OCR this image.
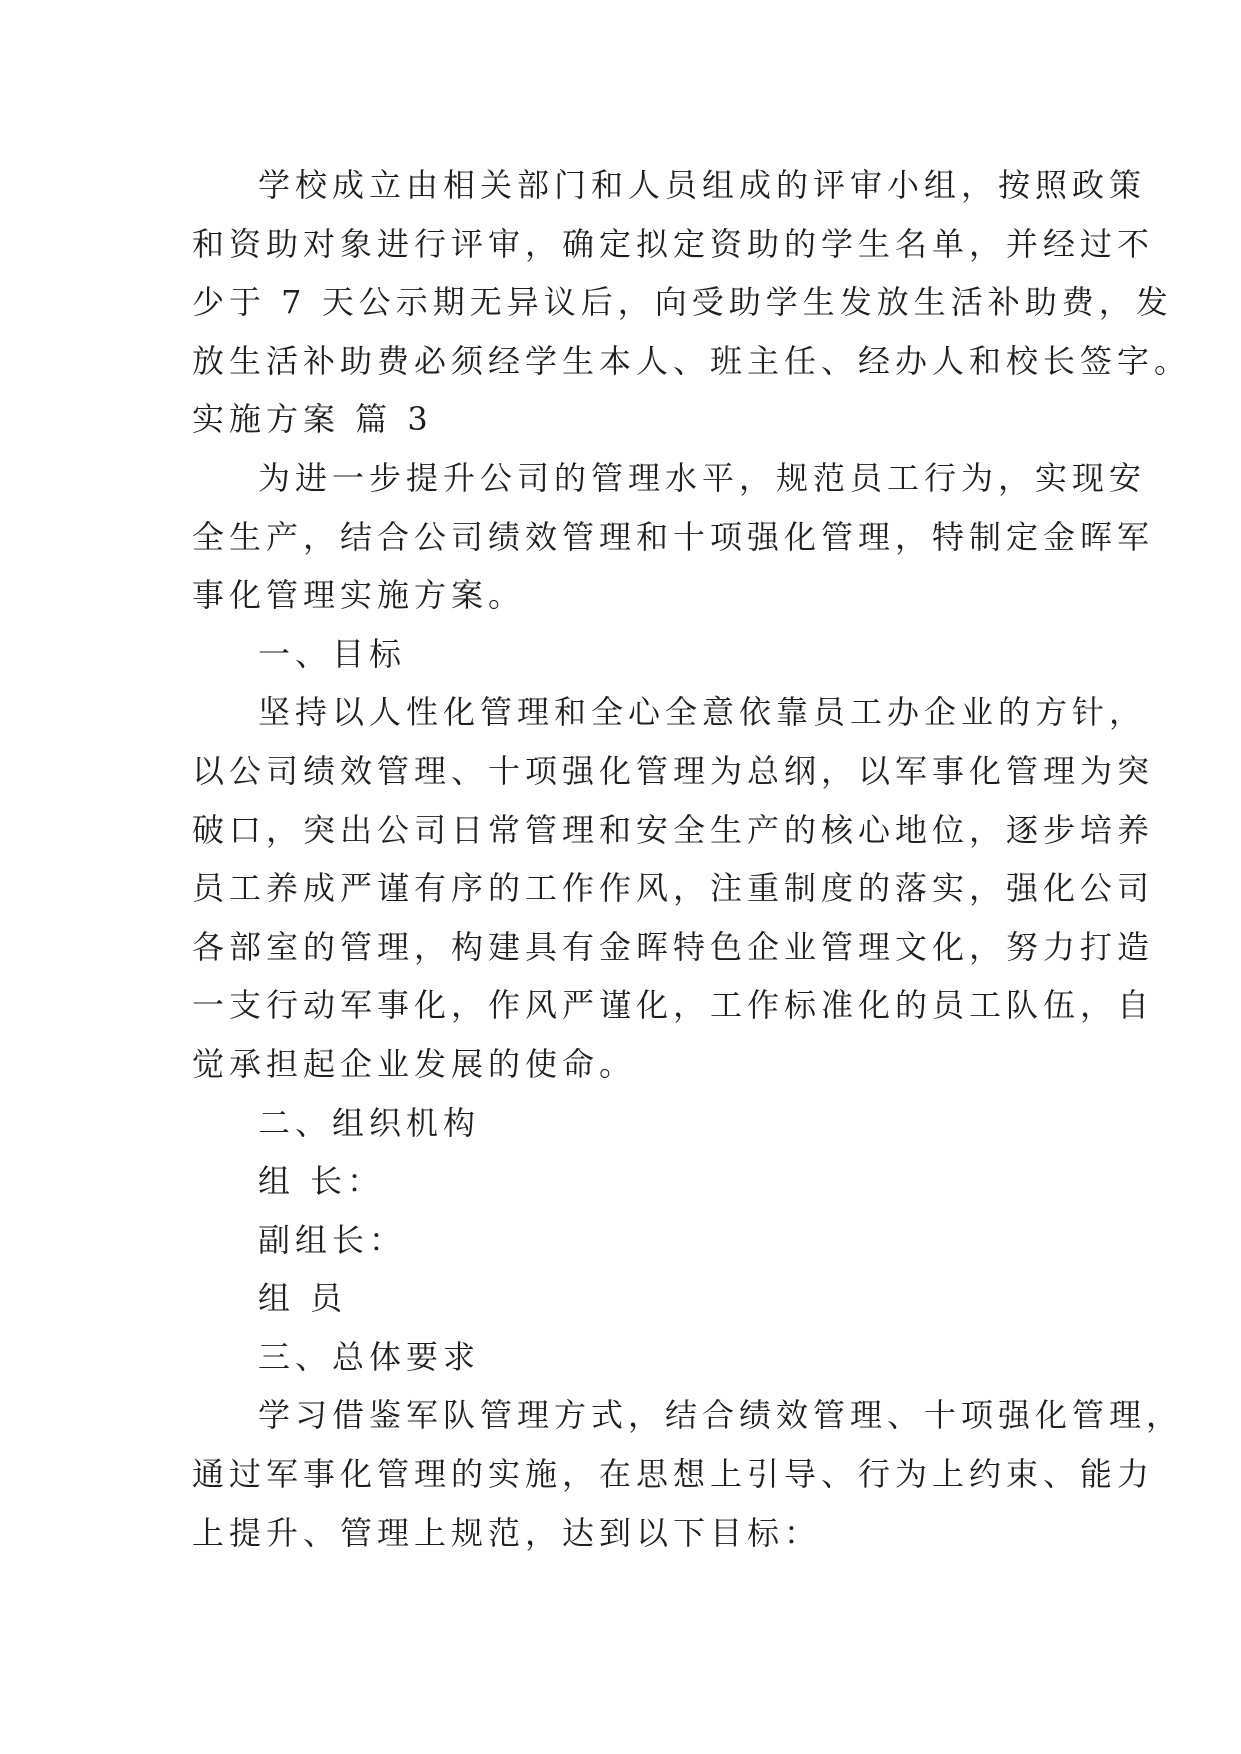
学校成立由相关部门和人员组成的评审小组，按照政策
和资助对象进行评审，确定拟定资助的学生名单，并经过不
少于 7 天公示期无异议后，向受助学生发放生活补助费，发
放生活补助费必须经学生本人、班主任、经办人和校长签字。
实施方案 篇 3
为进一步提升公司的管理水平，规范员工行为，实现安
全生产，结合公司绩效管理和十项强化管理，特制定金晖军
事化管理实施方案。
一、目标
坚持以人性化管理和全心全意依靠员工办企业的方针，
以公司绩效管理、十项强化管理为总纲，以军事化管理为突
破口，突出公司日常管理和安全生产的核心地位，逐步培养
员工养成严谨有序的工作作风，注重制度的落实，强化公司
各部室的管理，构建具有金晖特色企业管理文化，努力打造
一支行动军事化，作风严谨化，工作标准化的员工队伍，自
觉承担起企业发展的使命。
二、组织机构
组 长：
副组长：
组 员
三、总体要求
学习借鉴军队管理方式，结合绩效管理、十项强化管理，
通过军事化管理的实施，在思想上引导、行为上约束、能力
上提升、管理上规范，达到以下目标：
